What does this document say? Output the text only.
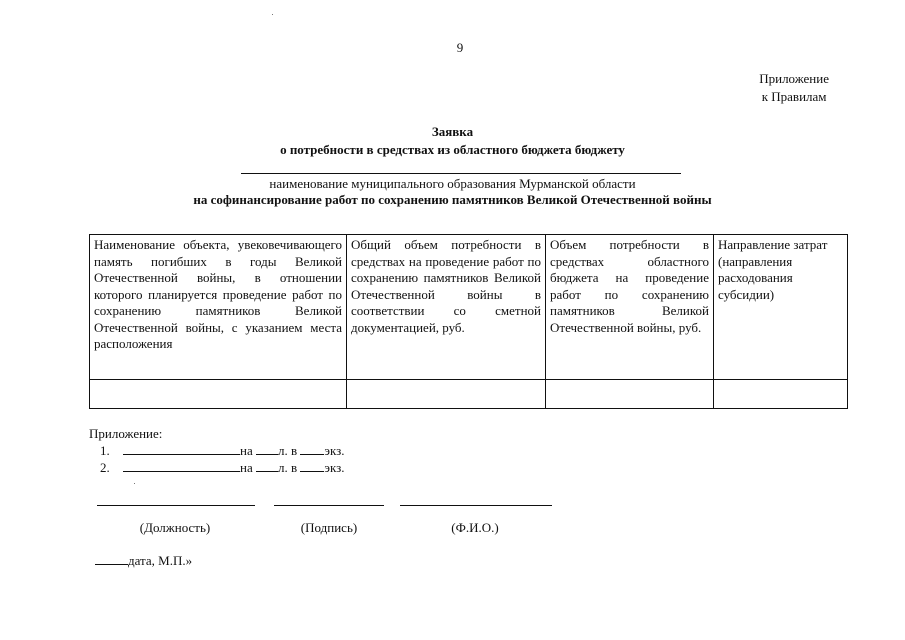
9
Приложение
к Правилам
Заявка
о потребности в средствах из областного бюджета бюджету
наименование муниципального образования Мурманской области
на софинансирование работ по сохранению памятников Великой Отечественной войны
Наименование объекта, увековечивающего память погибших в годы Великой Отечественной войны, в отношении которого планируется проведение работ по сохранению памятников Великой Отечественной войны, с указанием места расположения	Общий объем потребности в средствах на проведение работ по сохранению памятников Великой Отечественной войны в соответствии со сметной документацией, руб.	Объем потребности в средствах областного бюджета на проведение работ по сохранению памятников Великой Отечественной войны, руб.	Направление затрат (направления расходования субсидии)

Приложение:
1.	на л. в экз.
2.	на л. в экз.
(Должность)	(Подпись)	(Ф.И.О.)
дата, М.П.»
